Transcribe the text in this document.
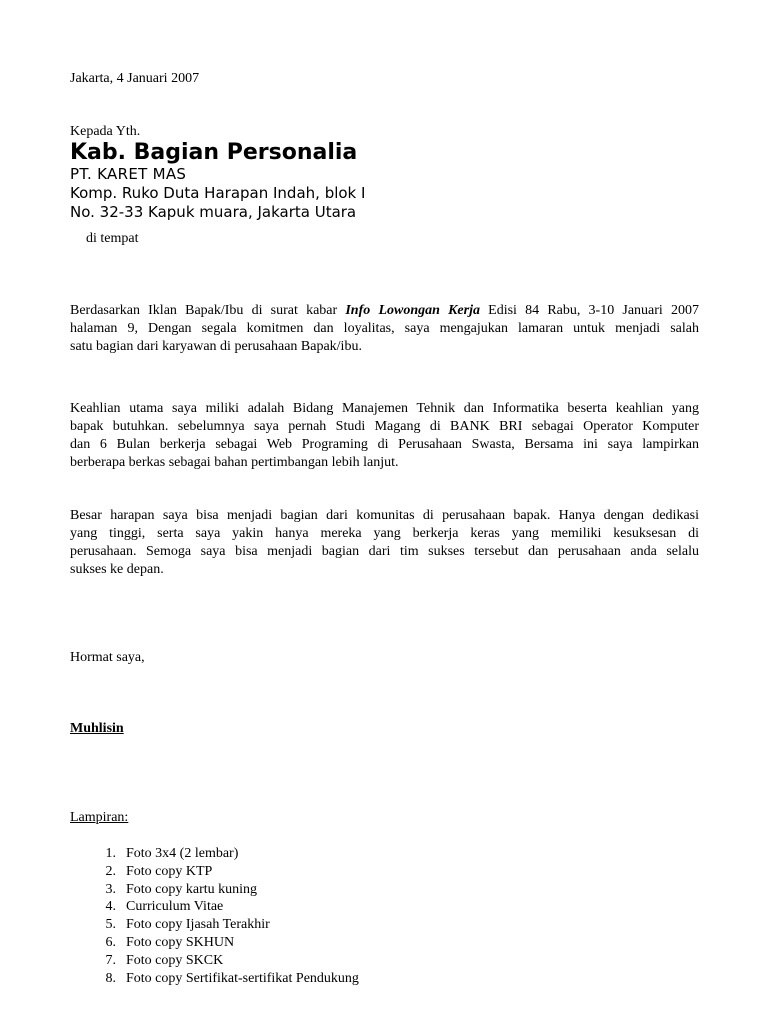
Jakarta, 4 Januari 2007
Kepada Yth.
Kab. Bagian Personalia
PT. KARET MAS
Komp. Ruko Duta Harapan Indah, blok I
No. 32-33 Kapuk muara, Jakarta Utara
di tempat
Berdasarkan Iklan Bapak/Ibu di surat kabar Info Lowongan Kerja Edisi 84 Rabu, 3-10 Januari 2007
halaman 9, Dengan segala komitmen dan loyalitas, saya mengajukan lamaran untuk menjadi salah
satu bagian dari karyawan di perusahaan Bapak/ibu.
Keahlian utama saya miliki adalah Bidang Manajemen Tehnik dan Informatika beserta keahlian yang
bapak butuhkan. sebelumnya saya pernah Studi Magang di BANK BRI sebagai Operator Komputer
dan 6 Bulan berkerja sebagai Web Programing di Perusahaan Swasta, Bersama ini saya lampirkan
berberapa berkas sebagai bahan pertimbangan lebih lanjut.
Besar harapan saya bisa menjadi bagian dari komunitas di perusahaan bapak. Hanya dengan dedikasi
yang tinggi, serta saya yakin hanya mereka yang berkerja keras yang memiliki kesuksesan di
perusahaan. Semoga saya bisa menjadi bagian dari tim sukses tersebut dan perusahaan anda selalu
sukses ke depan.
Hormat saya,
Muhlisin
Lampiran:
1. Foto 3x4 (2 lembar)
2. Foto copy KTP
3. Foto copy kartu kuning
4. Curriculum Vitae
5. Foto copy Ijasah Terakhir
6. Foto copy SKHUN
7. Foto copy SKCK
8. Foto copy Sertifikat-sertifikat Pendukung
